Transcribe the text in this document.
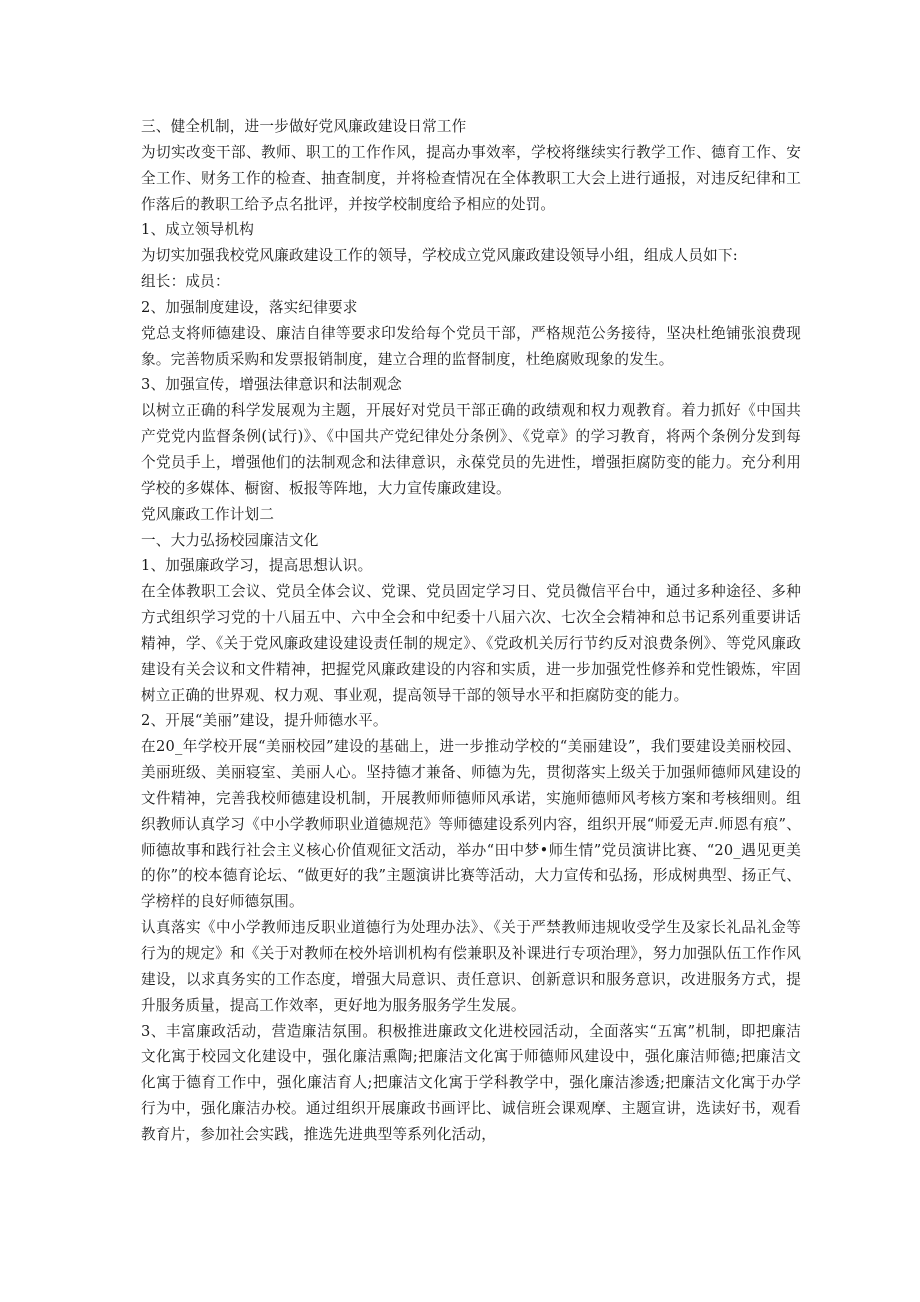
三、健全机制，进一步做好党风廉政建设日常工作

为切实改变干部、教师、职工的工作作风，提高办事效率，学校将继续实行教学工作、德育工作、安全工作、财务工作的检查、抽查制度，并将检查情况在全体教职工大会上进行通报，对违反纪律和工作落后的教职工给予点名批评，并按学校制度给予相应的处罚。

1、成立领导机构

为切实加强我校党风廉政建设工作的领导，学校成立党风廉政建设领导小组，组成人员如下:

组长：成员：

2、加强制度建设，落实纪律要求

党总支将师德建设、廉洁自律等要求印发给每个党员干部，严格规范公务接待，坚决杜绝铺张浪费现象。完善物质采购和发票报销制度，建立合理的监督制度，杜绝腐败现象的发生。

3、加强宣传，增强法律意识和法制观念

以树立正确的科学发展观为主题，开展好对党员干部正确的政绩观和权力观教育。着力抓好《中国共产党党内监督条例(试行)》、《中国共产党纪律处分条例》、《党章》的学习教育，将两个条例分发到每个党员手上，增强他们的法制观念和法律意识，永葆党员的先进性，增强拒腐防变的能力。充分利用学校的多媒体、橱窗、板报等阵地，大力宣传廉政建设。

党风廉政工作计划二

一、大力弘扬校园廉洁文化

1、加强廉政学习，提高思想认识。

在全体教职工会议、党员全体会议、党课、党员固定学习日、党员微信平台中，通过多种途径、多种方式组织学习党的十八届五中、六中全会和中纪委十八届六次、七次全会精神和总书记系列重要讲话精神，学、《关于党风廉政建设建设责任制的规定》、《党政机关厉行节约反对浪费条例》、等党风廉政建设有关会议和文件精神，把握党风廉政建设的内容和实质，进一步加强党性修养和党性锻炼，牢固树立正确的世界观、权力观、事业观，提高领导干部的领导水平和拒腐防变的能力。

2、开展“美丽”建设，提升师德水平。

在20_年学校开展“美丽校园”建设的基础上，进一步推动学校的“美丽建设”，我们要建设美丽校园、美丽班级、美丽寝室、美丽人心。坚持德才兼备、师德为先，贯彻落实上级关于加强师德师风建设的文件精神，完善我校师德建设机制，开展教师师德师风承诺，实施师德师风考核方案和考核细则。组织教师认真学习《中小学教师职业道德规范》等师德建设系列内容，组织开展“师爱无声.师恩有痕”、师德故事和践行社会主义核心价值观征文活动，举办“田中梦•师生情”党员演讲比赛、“20_遇见更美的你”的校本德育论坛、“做更好的我”主题演讲比赛等活动，大力宣传和弘扬，形成树典型、扬正气、学榜样的良好师德氛围。

认真落实《中小学教师违反职业道德行为处理办法》、《关于严禁教师违规收受学生及家长礼品礼金等行为的规定》和《关于对教师在校外培训机构有偿兼职及补课进行专项治理》，努力加强队伍工作作风建设，以求真务实的工作态度，增强大局意识、责任意识、创新意识和服务意识，改进服务方式，提升服务质量，提高工作效率，更好地为服务服务学生发展。

3、丰富廉政活动，营造廉洁氛围。积极推进廉政文化进校园活动，全面落实“五寓”机制，即把廉洁文化寓于校园文化建设中，强化廉洁熏陶;把廉洁文化寓于师德师风建设中，强化廉洁师德;把廉洁文化寓于德育工作中，强化廉洁育人;把廉洁文化寓于学科教学中，强化廉洁渗透;把廉洁文化寓于办学行为中，强化廉洁办校。通过组织开展廉政书画评比、诚信班会课观摩、主题宣讲，选读好书，观看教育片，参加社会实践，推选先进典型等系列化活动，
